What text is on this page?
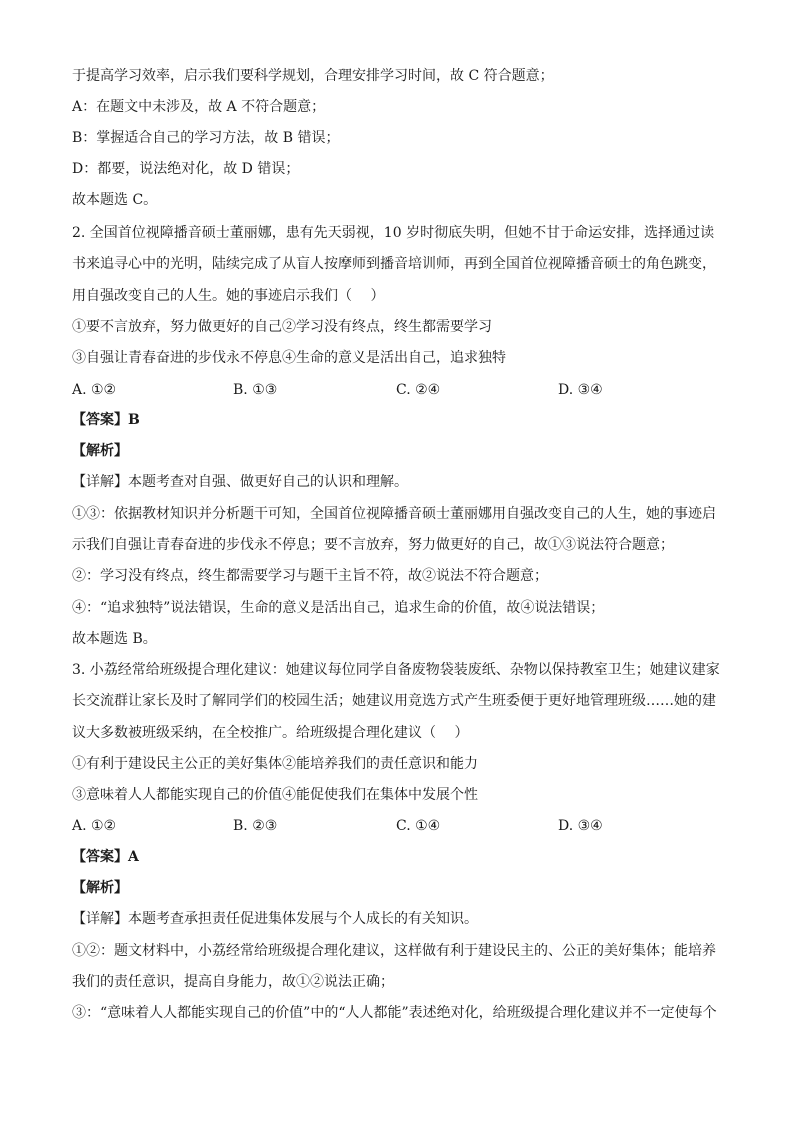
于提高学习效率，启示我们要科学规划，合理安排学习时间，故 C 符合题意；
A：在题文中未涉及，故 A 不符合题意；
B：掌握适合自己的学习方法，故 B 错误；
D：都要，说法绝对化，故 D 错误；
故本题选 C。
2. 全国首位视障播音硕士董丽娜，患有先天弱视，10 岁时彻底失明，但她不甘于命运安排，选择通过读
书来追寻心中的光明，陆续完成了从盲人按摩师到播音培训师，再到全国首位视障播音硕士的角色跳变，
用自强改变自己的人生。她的事迹启示我们（　 ）
①要不言放弃，努力做更好的自己②学习没有终点，终生都需要学习
③自强让青春奋进的步伐永不停息④生命的意义是活出自己，追求独特
A. ①②	B. ①③	C. ②④	D. ③④
【答案】B
【解析】
【详解】本题考查对自强、做更好自己的认识和理解。
①③：依据教材知识并分析题干可知，全国首位视障播音硕士董丽娜用自强改变自己的人生，她的事迹启
示我们自强让青春奋进的步伐永不停息；要不言放弃，努力做更好的自己，故①③说法符合题意；
②：学习没有终点，终生都需要学习与题干主旨不符，故②说法不符合题意；
④：“追求独特”说法错误，生命的意义是活出自己，追求生命的价值，故④说法错误；
故本题选 B。
3. 小荔经常给班级提合理化建议：她建议每位同学自备废物袋装废纸、杂物以保持教室卫生；她建议建家
长交流群让家长及时了解同学们的校园生活；她建议用竞选方式产生班委便于更好地管理班级……她的建
议大多数被班级采纳，在全校推广。给班级提合理化建议（　 ）
①有利于建设民主公正的美好集体②能培养我们的责任意识和能力
③意味着人人都能实现自己的价值④能促使我们在集体中发展个性
A. ①②	B. ②③	C. ①④	D. ③④
【答案】A
【解析】
【详解】本题考查承担责任促进集体发展与个人成长的有关知识。
①②：题文材料中，小荔经常给班级提合理化建议，这样做有利于建设民主的、公正的美好集体；能培养
我们的责任意识，提高自身能力，故①②说法正确；
③：“意味着人人都能实现自己的价值”中的“人人都能”表述绝对化，给班级提合理化建议并不一定使每个
